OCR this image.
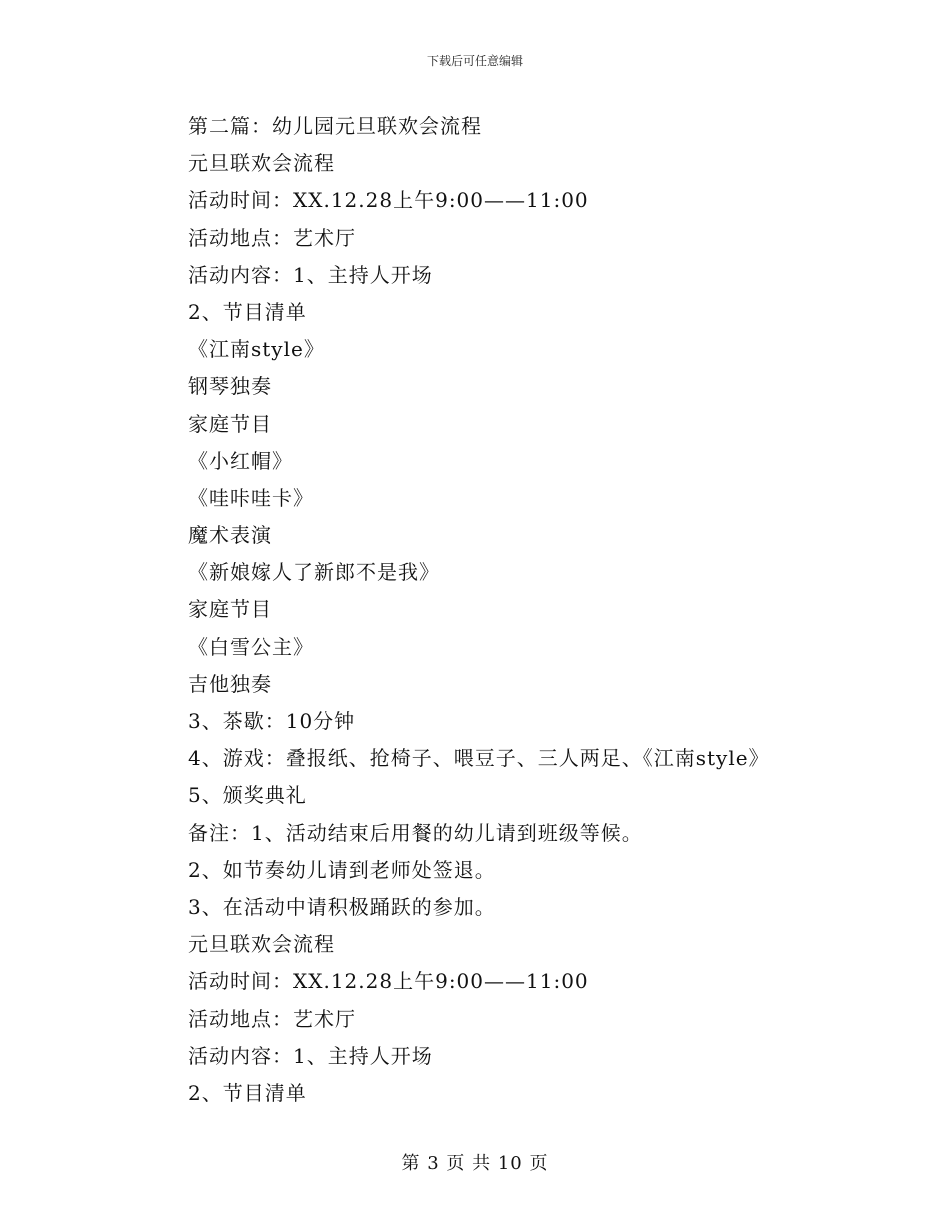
下载后可任意编辑
第二篇：幼儿园元旦联欢会流程
元旦联欢会流程
活动时间：XX.12.28上午9:00——11:00
活动地点：艺术厅
活动内容：1、主持人开场
2、节目清单
《江南style》
钢琴独奏
家庭节目
《小红帽》
《哇咔哇卡》
魔术表演
《新娘嫁人了新郎不是我》
家庭节目
《白雪公主》
吉他独奏
3、茶歇：10分钟
4、游戏：叠报纸、抢椅子、喂豆子、三人两足、《江南style》
5、颁奖典礼
备注：1、活动结束后用餐的幼儿请到班级等候。
2、如节奏幼儿请到老师处签退。
3、在活动中请积极踊跃的参加。
元旦联欢会流程
活动时间：XX.12.28上午9:00——11:00
活动地点：艺术厅
活动内容：1、主持人开场
2、节目清单
第 3 页 共 10 页
